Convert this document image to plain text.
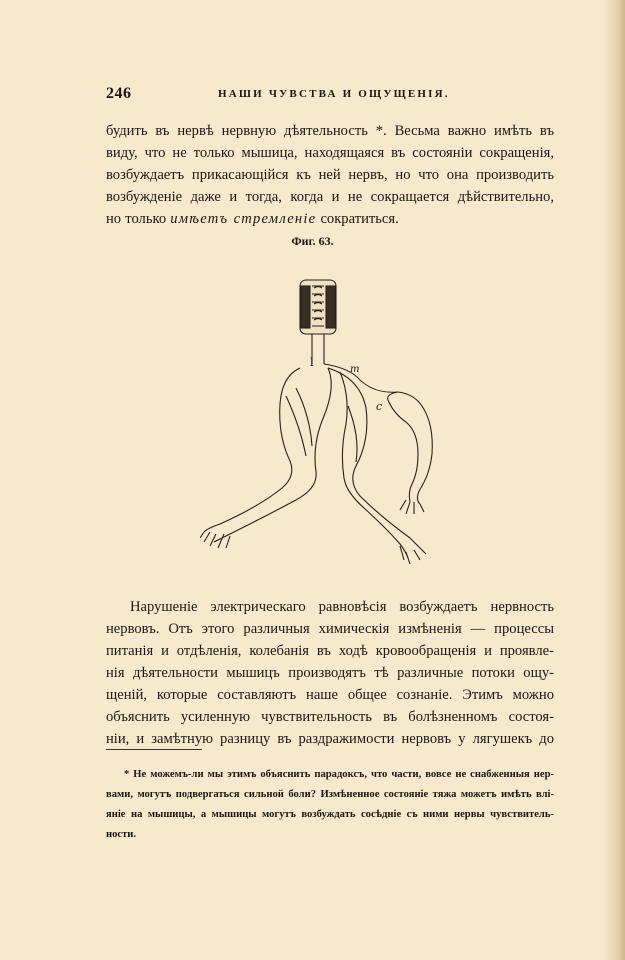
246	НАШИ ЧУВСТВА И ОЩУЩЕНІЯ.
будить въ нервѣ нервную дѣятельность *. Весьма важно имѣть въ
виду, что не только мышица, находящаяся въ состояніи сокращенія,
возбуждаетъ прикасающійся къ ней нервъ, но что она производить
возбужденіе даже и тогда, когда и не сокращается дѣйствительно,
но только имѣетъ стремленіе сократиться.
Фиг. 63.
l
m
c
Нарушеніе электрическаго равновѣсія возбуждаетъ нервность
нервовъ. Отъ этого различныя химическія измѣненія — процессы
питанія и отдѣленія, колебанія въ ходѣ кровообращенія и проявле-
нія дѣятельности мышицъ производятъ тѣ различные потоки ощу-
щеній, которые составляютъ наше общее сознаніе. Этимъ можно
объяснить усиленную чувствительность въ болѣзненномъ состоя-
ніи, и замѣтную разницу въ раздражимости нервовъ у лягушекъ до
* Не можемъ-ли мы этимъ объяснить парадоксъ, что части, вовсе не снабженныя нер-
вами, могутъ подвергаться сильной боли? Измѣненное состояніе тяжа можетъ имѣть влі-
яніе на мышицы, а мышицы могутъ возбуждать сосѣдніе съ ними нервы чувствитель-
ности.
